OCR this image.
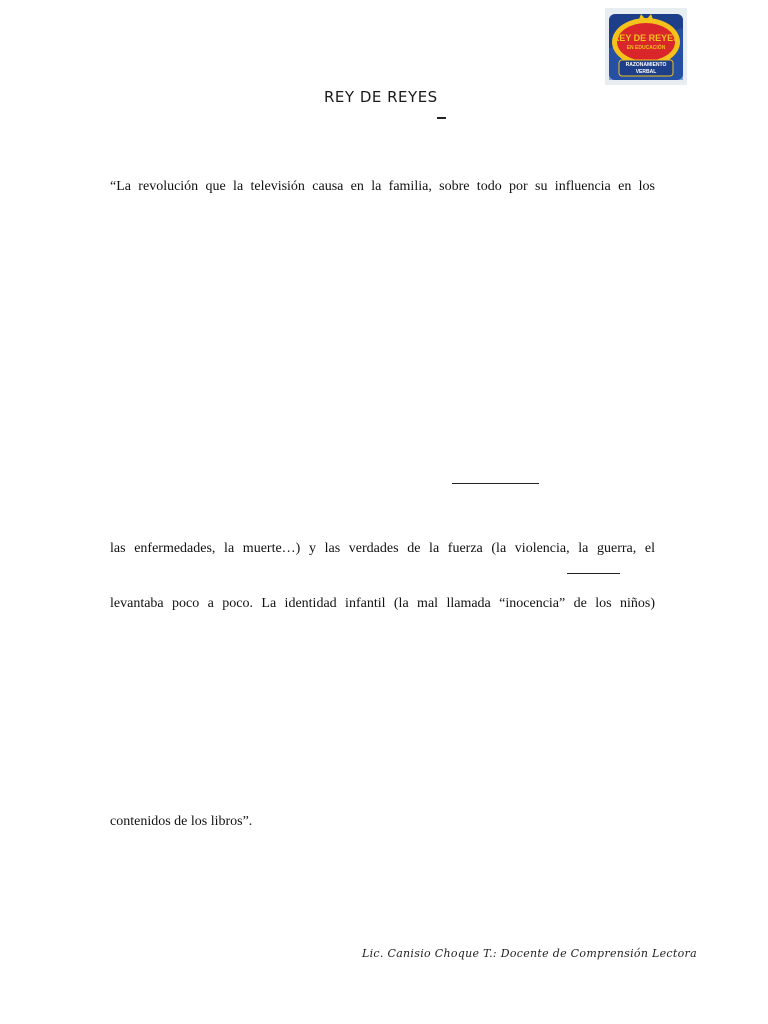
REY DE REYES
EN EDUCACIÓN
RAZONAMIENTO
VERBAL
REY DE REYES
“La revolución que la televisión causa en la familia, sobre todo por su influencia en los
las enfermedades, la muerte…) y las verdades de la fuerza (la violencia, la guerra, el
levantaba poco a poco. La identidad infantil (la mal llamada “inocencia” de los niños)
contenidos de los libros”.
Lic. Canisio Choque T.: Docente de Comprensión Lectora
